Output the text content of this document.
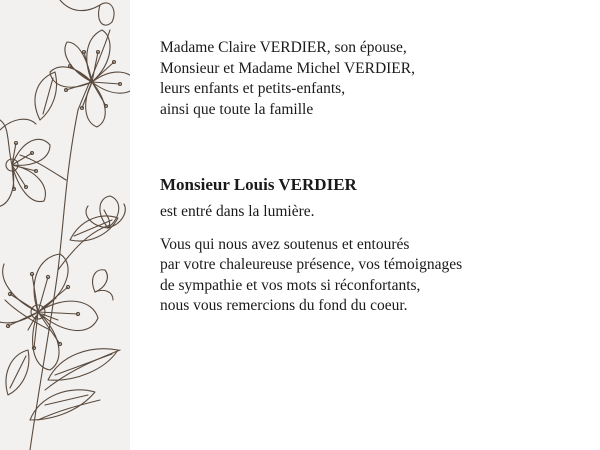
Madame Claire VERDIER, son épouse,
Monsieur et Madame Michel VERDIER,
leurs enfants et petits-enfants,
ainsi que toute la famille
Monsieur Louis VERDIER
est entré dans la lumière.
Vous qui nous avez soutenus et entourés
par votre chaleureuse présence, vos témoignages
de sympathie et vos mots si réconfortants,
nous vous remercions du fond du coeur.
